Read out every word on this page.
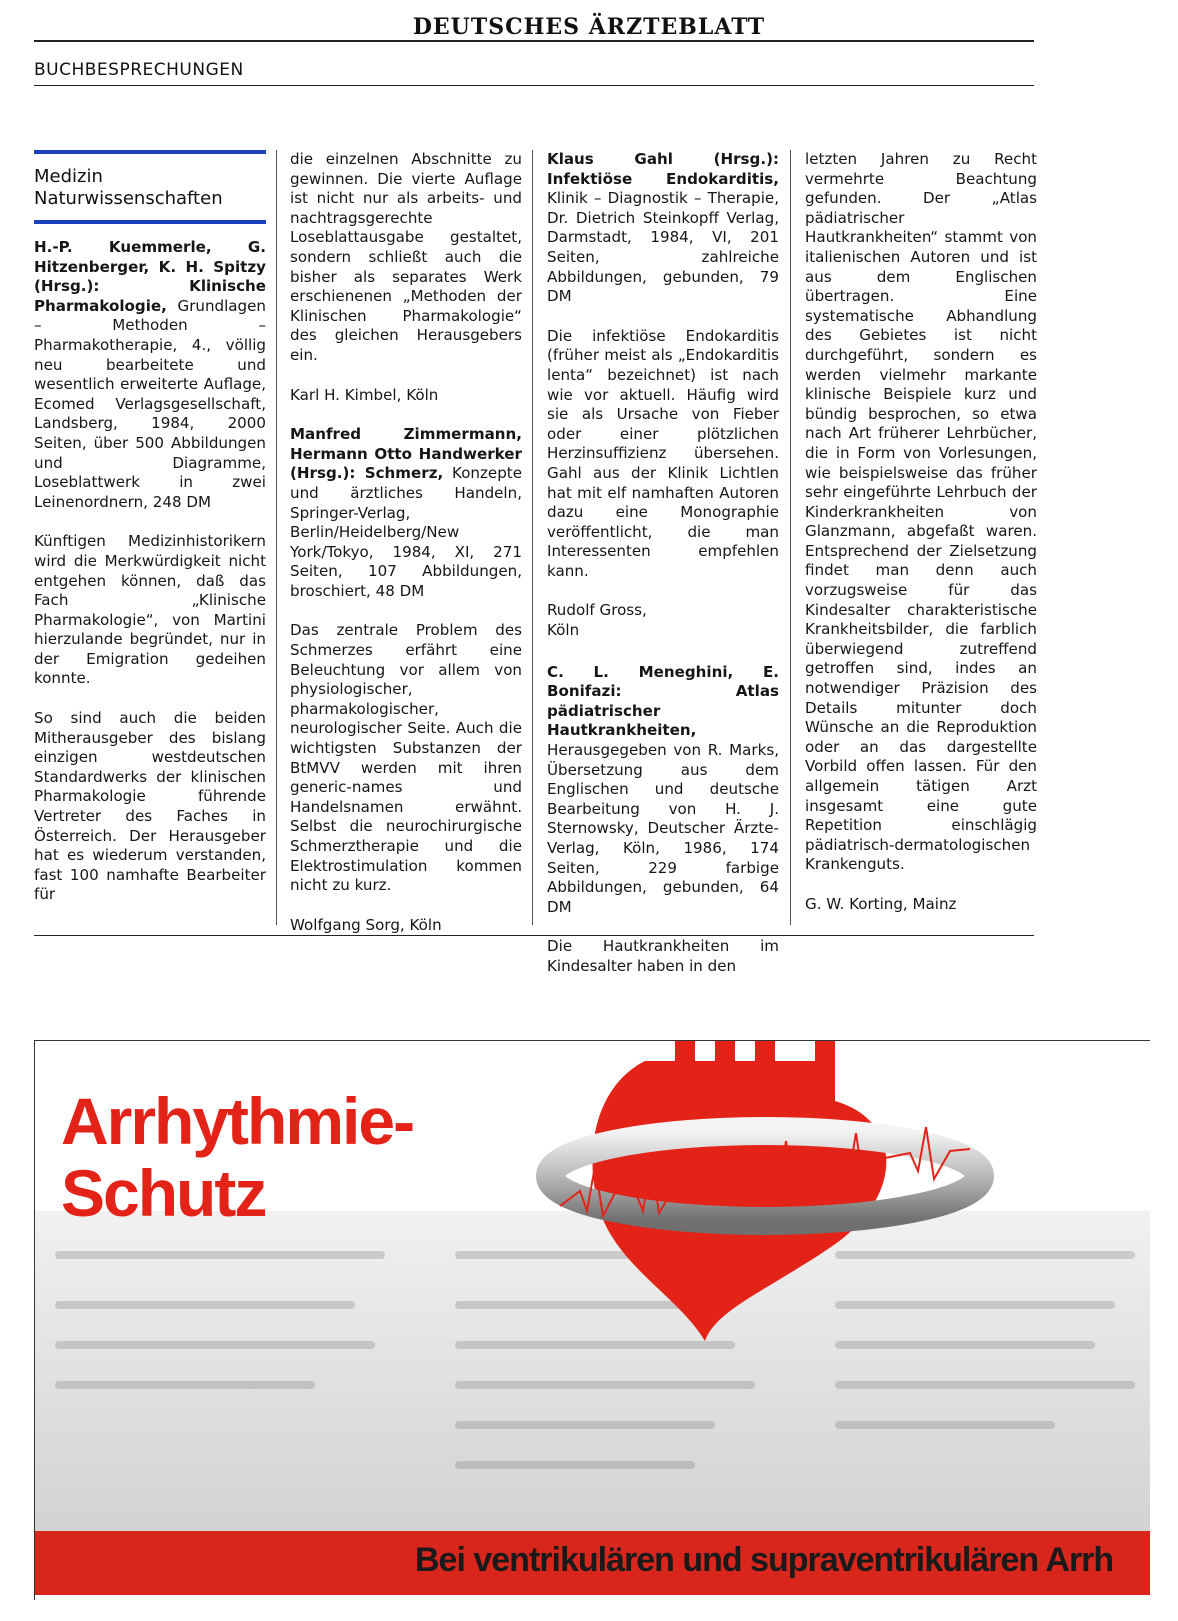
DEUTSCHES ÄRZTEBLATT
BUCHBESPRECHUNGEN
Medizin
Naturwissenschaften

H.-P. Kuemmerle, G. Hitzenberger, K. H. Spitzy (Hrsg.): Klinische Pharmakologie, Grundlagen – Methoden – Pharmakotherapie, 4., völlig neu bearbeitete und wesentlich erweiterte Auflage, Ecomed Verlagsgesellschaft, Landsberg, 1984, 2000 Seiten, über 500 Abbildungen und Diagramme, Loseblattwerk in zwei Leinenordnern, 248 DM

Künftigen Medizinhistorikern wird die Merkwürdigkeit nicht entgehen können, daß das Fach „Klinische Pharmakologie“, von Martini hierzulande begründet, nur in der Emigration gedeihen konnte.

So sind auch die beiden Mitherausgeber des bislang einzigen westdeutschen Standardwerks der klinischen Pharmakologie führende Vertreter des Faches in Österreich. Der Herausgeber hat es wiederum verstanden, fast 100 namhafte Bearbeiter für

die einzelnen Abschnitte zu gewinnen. Die vierte Auflage ist nicht nur als arbeits- und nachtragsgerechte Loseblattausgabe gestaltet, sondern schließt auch die bisher als separates Werk erschienenen „Methoden der Klinischen Pharmakologie“ des gleichen Herausgebers ein.

Karl H. Kimbel, Köln

Manfred Zimmermann, Hermann Otto Handwerker (Hrsg.): Schmerz, Konzepte und ärztliches Handeln, Springer-Verlag, Berlin/Heidelberg/New York/Tokyo, 1984, XI, 271 Seiten, 107 Abbildungen, broschiert, 48 DM

Das zentrale Problem des Schmerzes erfährt eine Beleuchtung vor allem von physiologischer, pharmakologischer, neurologischer Seite. Auch die wichtigsten Substanzen der BtMVV werden mit ihren generic-names und Handelsnamen erwähnt. Selbst die neurochirurgische Schmerztherapie und die Elektrostimulation kommen nicht zu kurz.

Wolfgang Sorg, Köln

Klaus Gahl (Hrsg.): Infektiöse Endokarditis, Klinik – Diagnostik – Therapie, Dr. Dietrich Steinkopff Verlag, Darmstadt, 1984, VI, 201 Seiten, zahlreiche Abbildungen, gebunden, 79 DM

Die infektiöse Endokarditis (früher meist als „Endokarditis lenta“ bezeichnet) ist nach wie vor aktuell. Häufig wird sie als Ursache von Fieber oder einer plötzlichen Herzinsuffizienz übersehen. Gahl aus der Klinik Lichtlen hat mit elf namhaften Autoren dazu eine Monographie veröffentlicht, die man Interessenten empfehlen kann.

Rudolf Gross,

Köln

C. L. Meneghini, E. Bonifazi: Atlas pädiatrischer Hautkrankheiten, Herausgegeben von R. Marks, Übersetzung aus dem Englischen und deutsche Bearbeitung von H. J. Sternowsky, Deutscher Ärzte-Verlag, Köln, 1986, 174 Seiten, 229 farbige Abbildungen, gebunden, 64 DM

Die Hautkrankheiten im Kindesalter haben in den

letzten Jahren zu Recht vermehrte Beachtung gefunden. Der „Atlas pädiatrischer Hautkrankheiten“ stammt von italienischen Autoren und ist aus dem Englischen übertragen. Eine systematische Abhandlung des Gebietes ist nicht durchgeführt, sondern es werden vielmehr markante klinische Beispiele kurz und bündig besprochen, so etwa nach Art früherer Lehrbücher, die in Form von Vorlesungen, wie beispielsweise das früher sehr eingeführte Lehrbuch der Kinderkrankheiten von Glanzmann, abgefaßt waren. Entsprechend der Zielsetzung findet man denn auch vorzugsweise für das Kindesalter charakteristische Krankheitsbilder, die farblich überwiegend zutreffend getroffen sind, indes an notwendiger Präzision des Details mitunter doch Wünsche an die Reproduktion oder an das dargestellte Vorbild offen lassen. Für den allgemein tätigen Arzt insgesamt eine gute Repetition einschlägig pädiatrisch-dermatologischen Krankenguts.

G. W. Korting, Mainz

Arrhythmie-
Schutz
Bei ventrikulären und supraventrikulären Arrh
